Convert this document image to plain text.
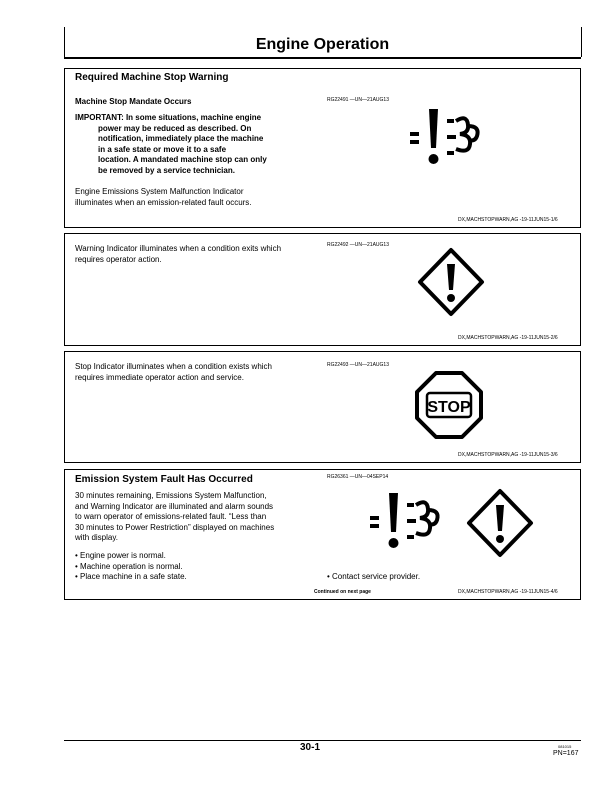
Engine Operation
Required Machine Stop Warning
Machine Stop Mandate Occurs
IMPORTANT: In some situations, machine engine
power may be reduced as described. On
notification, immediately place the machine
in a safe state or move it to a safe
location. A mandated machine stop can only
be removed by a service technician.
Engine Emissions System Malfunction Indicator
illuminates when an emission-related fault occurs.
RG22491 —UN—21AUG13
DX,MACHSTOPWARN,AG -19-11JUN15-1/6
Warning Indicator illuminates when a condition exits which
requires operator action.
RG22492 —UN—21AUG13
DX,MACHSTOPWARN,AG -19-11JUN15-2/6
Stop Indicator illuminates when a condition exists which
requires immediate operator action and service.
RG22493 —UN—21AUG13
DX,MACHSTOPWARN,AG -19-11JUN15-3/6
STOP
Emission System Fault Has Occurred
30 minutes remaining, Emissions System Malfunction,
and Warning Indicator are illuminated and alarm sounds
to warn operator of emissions-related fault. “Less than
30 minutes to Power Restriction” displayed on machines
with display.
• Engine power is normal.
• Machine operation is normal.
• Place machine in a safe state.	• Contact service provider.
RG26361 —UN—04SEP14
Continued on next page	DX,MACHSTOPWARN,AG -19-11JUN15-4/6
30-1	081015
PN=167
